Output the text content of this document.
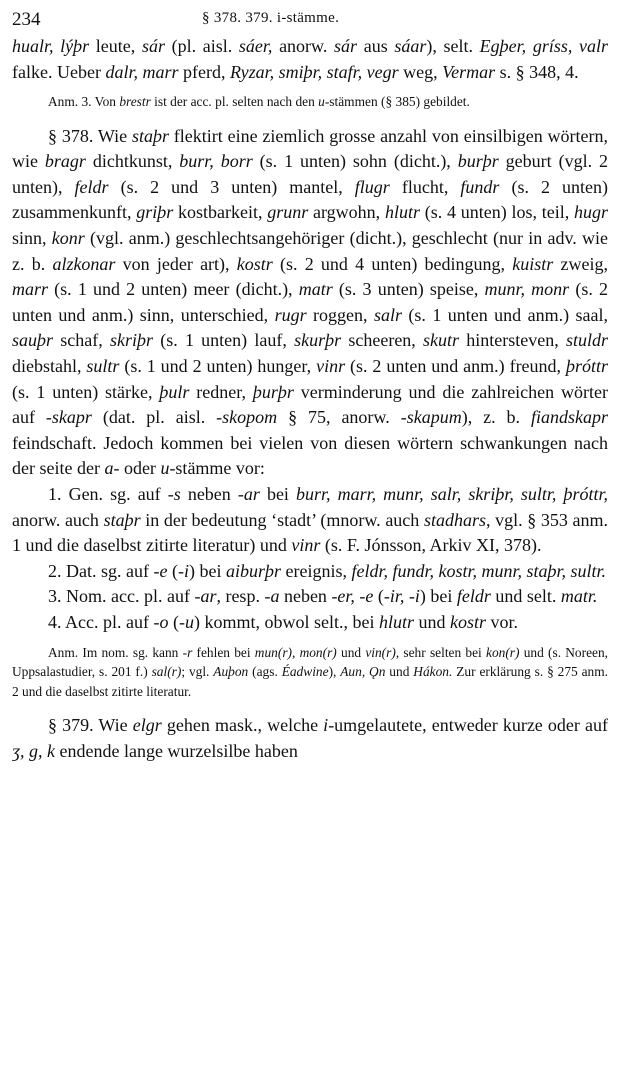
234	§ 378. 379. i-stämme.

hualr, lýþr leute, sár (pl. aisl. sáer, anorw. sár aus sáar), selt. Egþer, gríss, valr falke. Ueber dalr, marr pferd, Ryzar, smiþr, stafr, vegr weg, Vermar s. § 348, 4.

Anm. 3. Von brestr ist der acc. pl. selten nach den u-stämmen (§ 385) gebildet.

§ 378. Wie staþr flektirt eine ziemlich grosse anzahl von einsilbigen wörtern, wie bragr dichtkunst, burr, borr (s. 1 unten) sohn (dicht.), burþr geburt (vgl. 2 unten), feldr (s. 2 und 3 unten) mantel, flugr flucht, fundr (s. 2 unten) zusammenkunft, griþr kostbarkeit, grunr argwohn, hlutr (s. 4 unten) los, teil, hugr sinn, konr (vgl. anm.) geschlechtsangehöriger (dicht.), geschlecht (nur in adv. wie z. b. alzkonar von jeder art), kostr (s. 2 und 4 unten) bedingung, kuistr zweig, marr (s. 1 und 2 unten) meer (dicht.), matr (s. 3 unten) speise, munr, monr (s. 2 unten und anm.) sinn, unterschied, rugr roggen, salr (s. 1 unten und anm.) saal, sauþr schaf, skriþr (s. 1 unten) lauf, skurþr scheeren, skutr hintersteven, stuldr diebstahl, sultr (s. 1 und 2 unten) hunger, vinr (s. 2 unten und anm.) freund, þróttr (s. 1 unten) stärke, þulr redner, þurþr verminderung und die zahlreichen wörter auf -skapr (dat. pl. aisl. -skopom § 75, anorw. -skapum), z. b. fiandskapr feindschaft. Jedoch kommen bei vielen von diesen wörtern schwankungen nach der seite der a- oder u-stämme vor:

1. Gen. sg. auf -s neben -ar bei burr, marr, munr, salr, skriþr, sultr, þróttr, anorw. auch staþr in der bedeutung ‘stadt’ (mnorw. auch stadhars, vgl. § 353 anm. 1 und die daselbst zitirte literatur) und vinr (s. F. Jónsson, Arkiv XI, 378).

2. Dat. sg. auf -e (-i) bei aiburþr ereignis, feldr, fundr, kostr, munr, staþr, sultr.

3. Nom. acc. pl. auf -ar, resp. -a neben -er, -e (-ir, -i) bei feldr und selt. matr.

4. Acc. pl. auf -o (-u) kommt, obwol selt., bei hlutr und kostr vor.

Anm. Im nom. sg. kann -r fehlen bei mun(r), mon(r) und vin(r), sehr selten bei kon(r) und (s. Noreen, Uppsalastudier, s. 201 f.) sal(r); vgl. Auþon (ags. Éadwine), Aun, Ǫn und Hákon. Zur erklärung s. § 275 anm. 2 und die daselbst zitirte literatur.

§ 379. Wie elgr gehen mask., welche i-umgelautete, entweder kurze oder auf ʒ, g, k endende lange wurzelsilbe haben
